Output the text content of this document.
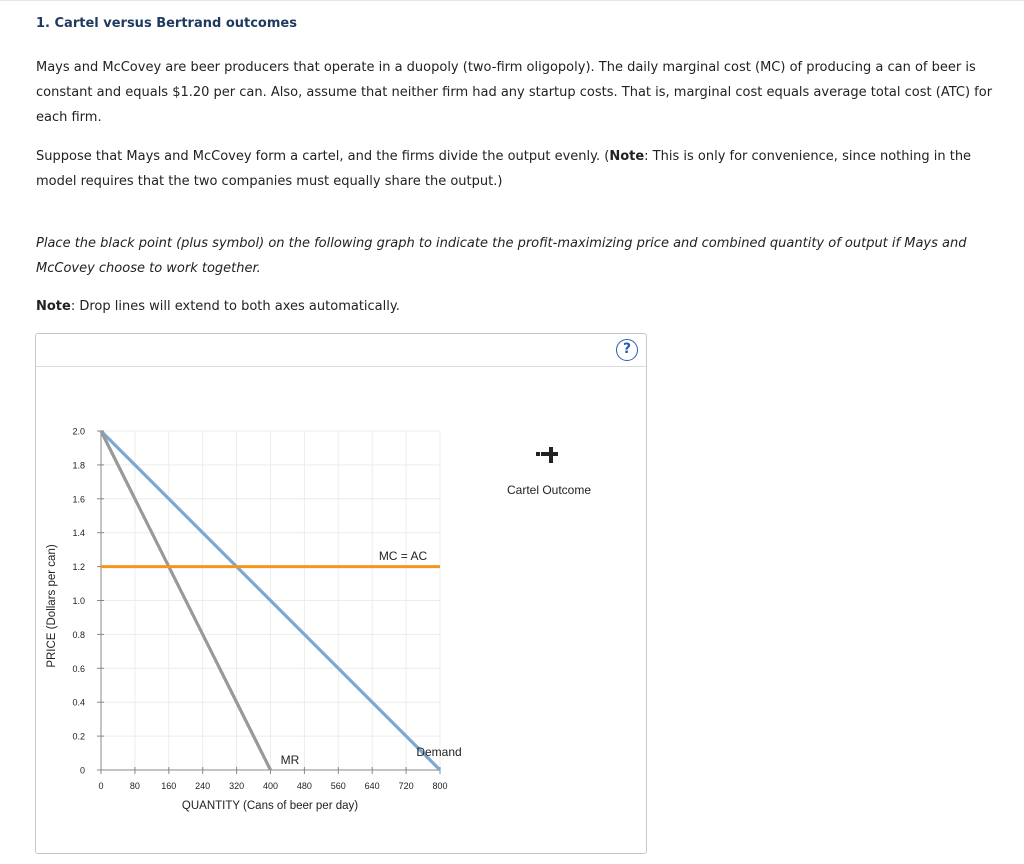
1. Cartel versus Bertrand outcomes
Mays and McCovey are beer producers that operate in a duopoly (two-firm oligopoly). The daily marginal cost (MC) of producing a can of beer is constant and equals $1.20 per can. Also, assume that neither firm had any startup costs. That is, marginal cost equals average total cost (ATC) for each firm.
Suppose that Mays and McCovey form a cartel, and the firms divide the output evenly. (Note: This is only for convenience, since nothing in the model requires that the two companies must equally share the output.)
Place the black point (plus symbol) on the following graph to indicate the profit-maximizing price and combined quantity of output if Mays and McCovey choose to work together.
Note: Drop lines will extend to both axes automatically.
?
0
0.2
0.4
0.6
0.8
1.0
1.2
1.4
1.6
1.8
2.0
0	80 160 240 320 400 480 560 640 720 800
PRICE (Dollars per can)
QUANTITY (Cans of beer per day)
MC = AC
MR
Demand
Cartel Outcome
